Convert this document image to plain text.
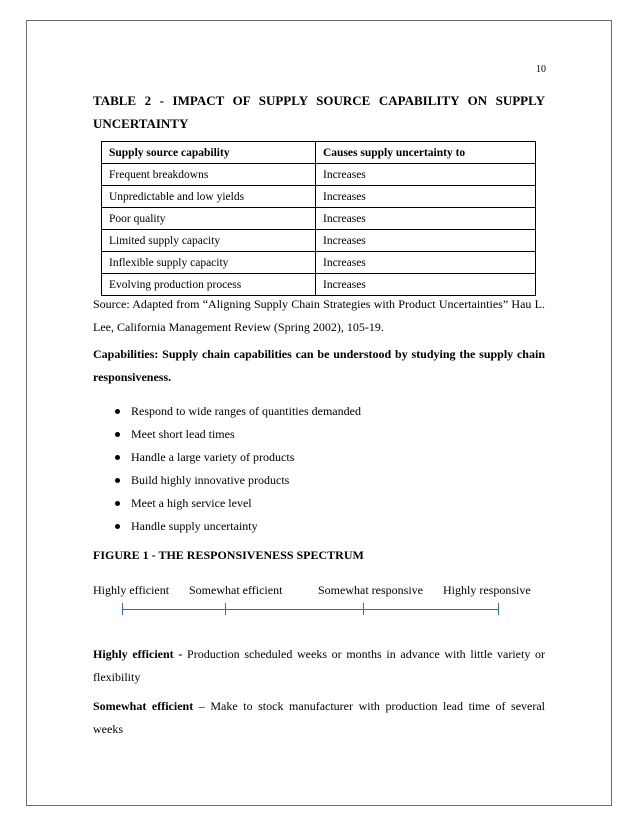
10
TABLE 2 - IMPACT OF SUPPLY SOURCE CAPABILITY ON SUPPLY UNCERTAINTY
Supply source capability	Causes supply uncertainty to
Frequent breakdowns	Increases
Unpredictable and low yields	Increases
Poor quality	Increases
Limited supply capacity	Increases
Inflexible supply capacity	Increases
Evolving production process	Increases
Source: Adapted from “Aligning Supply Chain Strategies with Product Uncertainties” Hau L. Lee, California Management Review (Spring 2002), 105-19.
Capabilities: Supply chain capabilities can be understood by studying the supply chain responsiveness.
Respond to wide ranges of quantities demanded
Meet short lead times
Handle a large variety of products
Build highly innovative products
Meet a high service level
Handle supply uncertainty
FIGURE 1 - THE RESPONSIVENESS SPECTRUM
Highly efficient Somewhat efficient	Somewhat responsive Highly responsive
Highly efficient - Production scheduled weeks or months in advance with little variety or flexibility
Somewhat efficient – Make to stock manufacturer with production lead time of several weeks
